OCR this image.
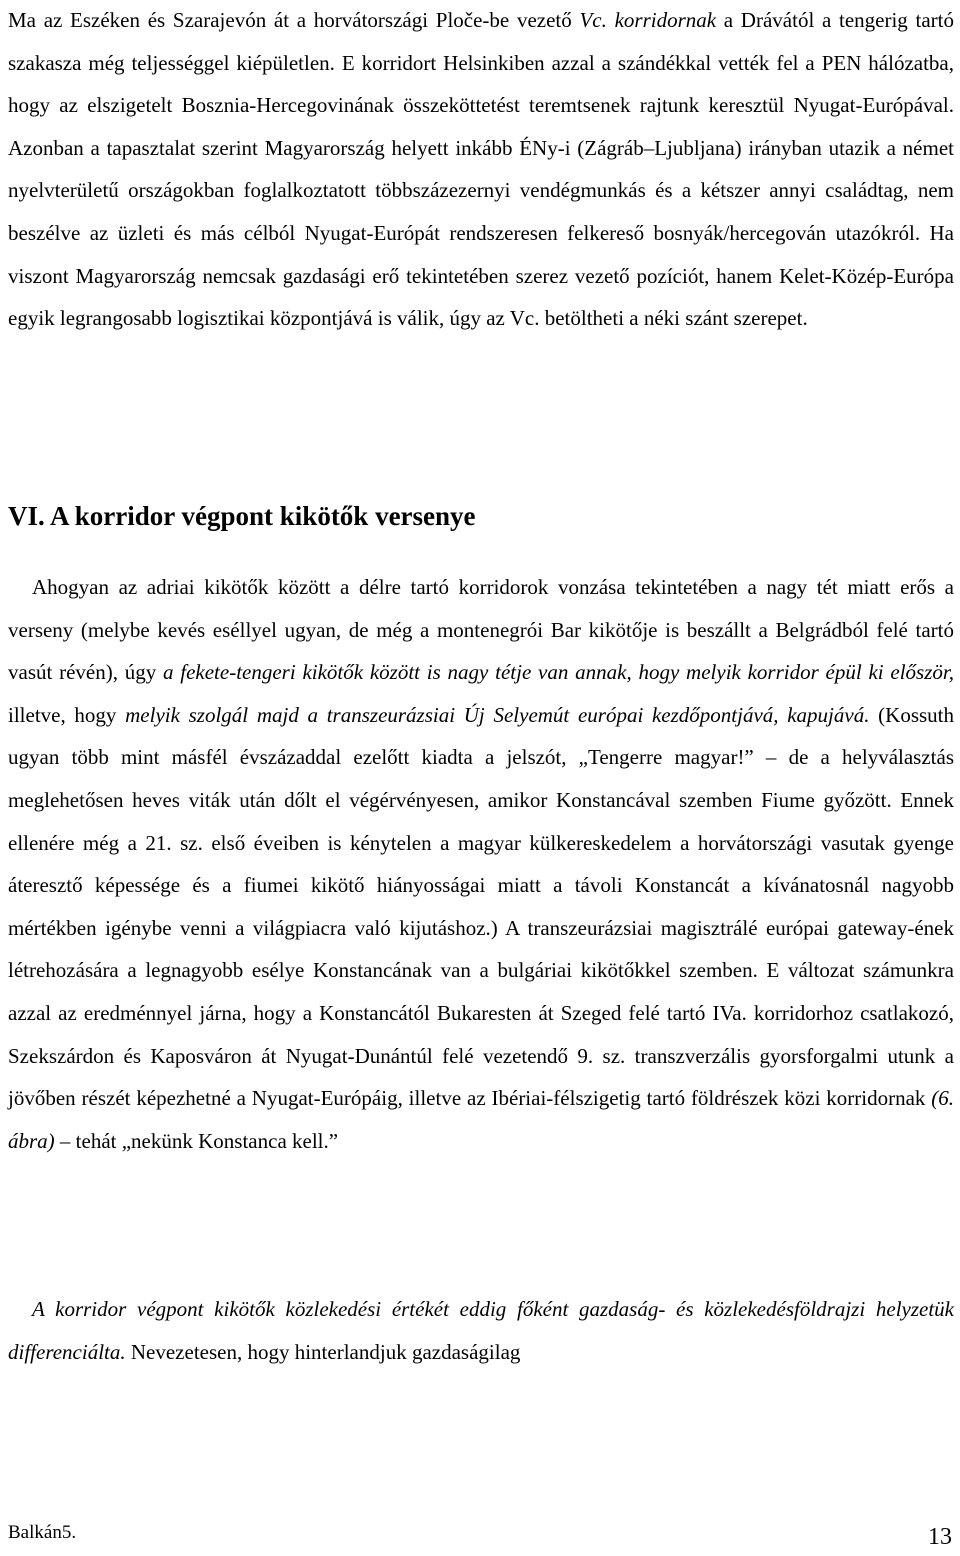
Ma az Eszéken és Szarajevón át a horvátországi Ploče-be vezető Vc. korridornak a Drávától a tengerig tartó szakasza még teljességgel kiépületlen. E korridort Helsinkiben azzal a szándékkal vették fel a PEN hálózatba, hogy az elszigetelt Bosznia-Hercegovinának összeköttetést teremtsenek rajtunk keresztül Nyugat-Európával. Azonban a tapasztalat szerint Magyarország helyett inkább ÉNy-i (Zágráb–Ljubljana) irányban utazik a német nyelvterületű országokban foglalkoztatott többszázezernyi vendégmunkás és a kétszer annyi családtag, nem beszélve az üzleti és más célból Nyugat-Európát rendszeresen felkereső bosnyák/hercegován utazókról. Ha viszont Magyarország nemcsak gazdasági erő tekintetében szerez vezető pozíciót, hanem Kelet-Közép-Európa egyik legrangosabb logisztikai központjává is válik, úgy az Vc. betöltheti a néki szánt szerepet.

VI. A korridor végpont kikötők versenye

Ahogyan az adriai kikötők között a délre tartó korridorok vonzása tekintetében a nagy tét miatt erős a verseny (melybe kevés eséllyel ugyan, de még a montenegrói Bar kikötője is beszállt a Belgrádból felé tartó vasút révén), úgy a fekete-tengeri kikötők között is nagy tétje van annak, hogy melyik korridor épül ki először, illetve, hogy melyik szolgál majd a transzeurázsiai Új Selyemút európai kezdőpontjává, kapujává. (Kossuth ugyan több mint másfél évszázaddal ezelőtt kiadta a jelszót, „Tengerre magyar!” – de a helyválasztás meglehetősen heves viták után dőlt el végérvényesen, amikor Konstancával szemben Fiume győzött. Ennek ellenére még a 21. sz. első éveiben is kénytelen a magyar külkereskedelem a horvátországi vasutak gyenge áteresztő képessége és a fiumei kikötő hiányosságai miatt a távoli Konstancát a kívánatosnál nagyobb mértékben igénybe venni a világpiacra való kijutáshoz.) A transzeurázsiai magisztrálé európai gateway-ének létrehozására a legnagyobb esélye Konstancának van a bulgáriai kikötőkkel szemben. E változat számunkra azzal az eredménnyel járna, hogy a Konstancától Bukaresten át Szeged felé tartó IVa. korridorhoz csatlakozó, Szekszárdon és Kaposváron át Nyugat-Dunántúl felé vezetendő 9. sz. transzverzális gyorsforgalmi utunk a jövőben részét képezhetné a Nyugat-Európáig, illetve az Ibériai-félszigetig tartó földrészek közi korridornak (6. ábra) – tehát „nekünk Konstanca kell.”

A korridor végpont kikötők közlekedési értékét eddig főként gazdaság- és közlekedésföldrajzi helyzetük differenciálta. Nevezetesen, hogy hinterlandjuk gazdaságilag

Balkán5.	13
